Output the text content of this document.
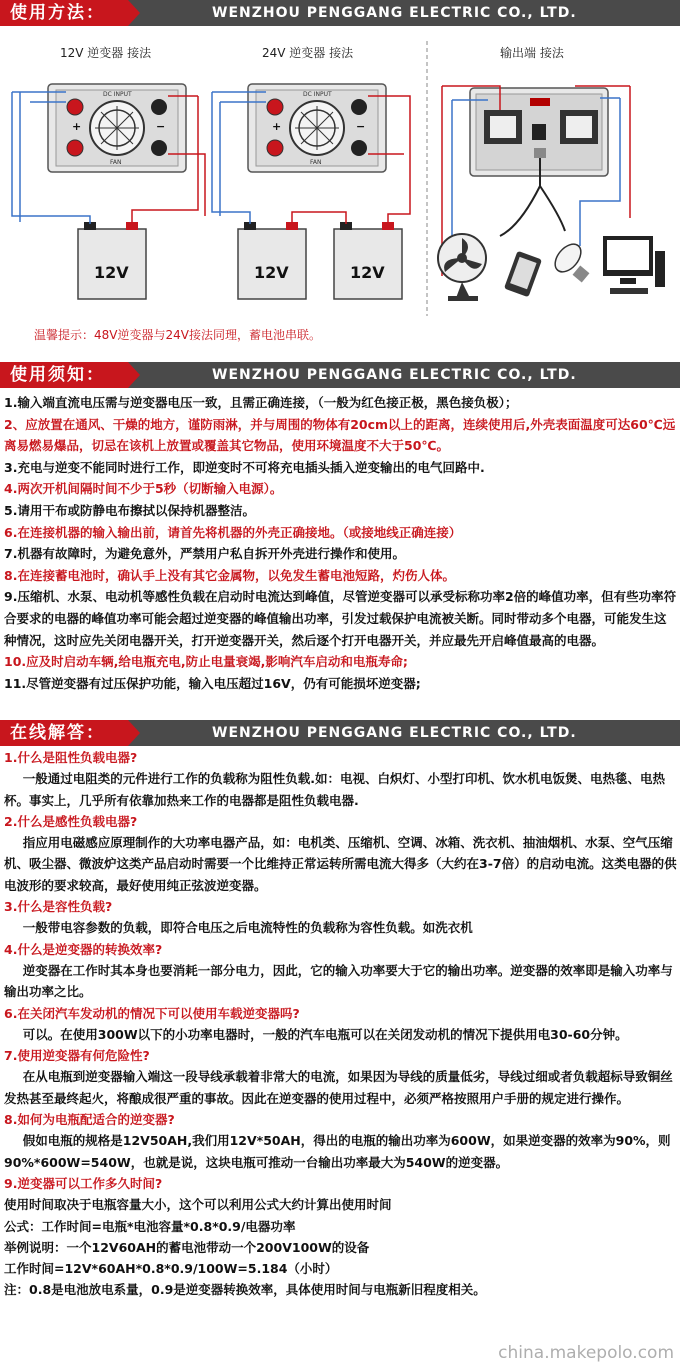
使用方法：	WENZHOU PENGGANG ELECTRIC CO., LTD.
12V 逆变器 接法	24V 逆变器 接法	输出端 接法
+	−
DC INPUT
FAN
12V
+	−
DC INPUT
FAN
12V	12V
温馨提示：48V逆变器与24V接法同理，蓄电池串联。
使用须知：	WENZHOU PENGGANG ELECTRIC CO., LTD.

1.输入端直流电压需与逆变器电压一致，且需正确连接，（一般为红色接正极，黑色接负极）；

2、应放置在通风、干燥的地方，谨防雨淋，并与周围的物体有20cm以上的距离，连续使用后,外壳表面温度可达60℃远离易燃易爆品，切忌在该机上放置或覆盖其它物品，使用环境温度不大于50℃。

3.充电与逆变不能同时进行工作，即逆变时不可将充电插头插入逆变输出的电气回路中.

4.两次开机间隔时间不少于5秒（切断输入电源）。

5.请用干布或防静电布擦拭以保持机器整洁。

6.在连接机器的输入输出前，请首先将机器的外壳正确接地。（或接地线正确连接）

7.机器有故障时，为避免意外，严禁用户私自拆开外壳进行操作和使用。

8.在连接蓄电池时，确认手上没有其它金属物，以免发生蓄电池短路，灼伤人体。

9.压缩机、水泵、电动机等感性负载在启动时电流达到峰值，尽管逆变器可以承受标称功率2倍的峰值功率，但有些功率符合要求的电器的峰值功率可能会超过逆变器的峰值输出功率，引发过载保护电流被关断。同时带动多个电器，可能发生这种情况，这时应先关闭电器开关，打开逆变器开关，然后逐个打开电器开关，并应最先开启峰值最高的电器。

10.应及时启动车辆,给电瓶充电,防止电量衰竭,影响汽车启动和电瓶寿命;

11.尽管逆变器有过压保护功能，输入电压超过16V，仍有可能损坏逆变器;

在线解答：	WENZHOU PENGGANG ELECTRIC CO., LTD.

1.什么是阻性负载电器?

一般通过电阻类的元件进行工作的负载称为阻性负载.如：电视、白炽灯、小型打印机、饮水机电饭煲、电热毯、电热杯。事实上，几乎所有依靠加热来工作的电器都是阻性负载电器.

2.什么是感性负载电器?

指应用电磁感应原理制作的大功率电器产品，如：电机类、压缩机、空调、冰箱、洗衣机、抽油烟机、水泵、空气压缩机、吸尘器、微波炉这类产品启动时需要一个比维持正常运转所需电流大得多（大约在3-7倍）的启动电流。这类电器的供电波形的要求较高，最好使用纯正弦波逆变器。

3.什么是容性负载?

一般带电容参数的负载，即符合电压之后电流特性的负载称为容性负载。如洗衣机

4.什么是逆变器的转换效率?

逆变器在工作时其本身也要消耗一部分电力，因此，它的输入功率要大于它的输出功率。逆变器的效率即是输入功率与输出功率之比。

6.在关闭汽车发动机的情况下可以使用车载逆变器吗?

可以。在使用300W以下的小功率电器时，一般的汽车电瓶可以在关闭发动机的情况下提供用电30-60分钟。

7.使用逆变器有何危险性?

在从电瓶到逆变器输入端这一段导线承载着非常大的电流，如果因为导线的质量低劣，导线过细或者负载超标导致铜丝发热甚至最终起火，将酿成很严重的事故。因此在逆变器的使用过程中，必须严格按照用户手册的规定进行操作。

8.如何为电瓶配适合的逆变器?

假如电瓶的规格是12V50AH,我们用12V*50AH，得出的电瓶的输出功率为600W，如果逆变器的效率为90%，则90%*600W=540W，也就是说，这块电瓶可推动一台输出功率最大为540W的逆变器。

9.逆变器可以工作多久时间?

使用时间取决于电瓶容量大小，这个可以利用公式大约计算出使用时间

公式：工作时间=电瓶*电池容量*0.8*0.9/电器功率

举例说明：一个12V60AH的蓄电池带动一个200V100W的设备

工作时间=12V*60AH*0.8*0.9/100W=5.184（小时）

注：0.8是电池放电系量，0.9是逆变器转换效率，具体使用时间与电瓶新旧程度相关。

china.makepolo.com
